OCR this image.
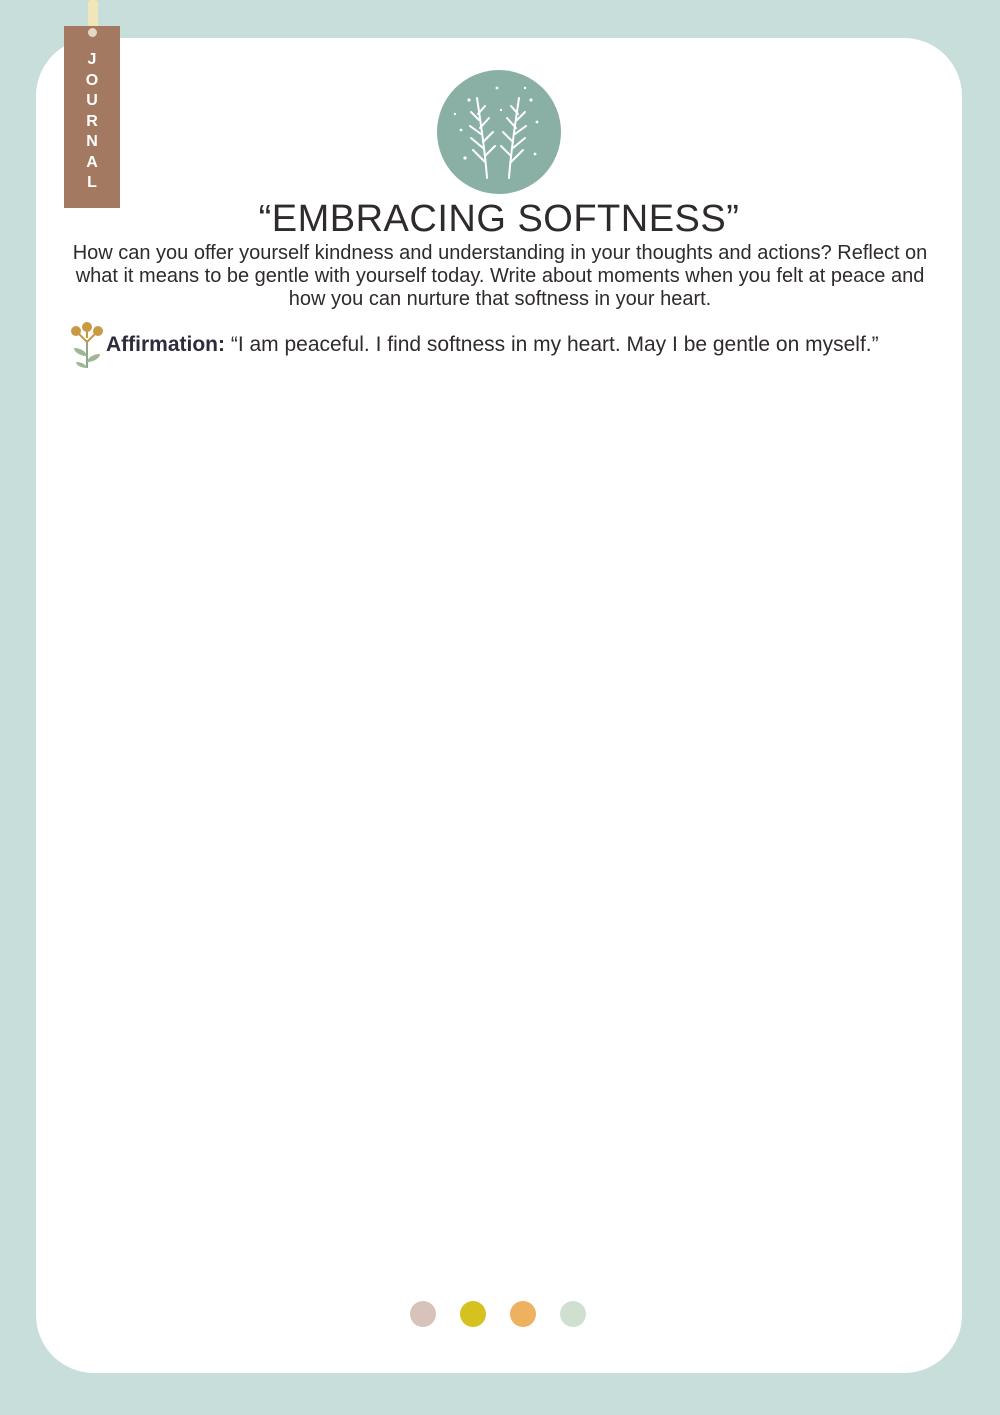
J
O
U
R
N
A
L
“EMBRACING SOFTNESS”
How can you offer yourself kindness and understanding in your thoughts and actions? Reflect on what it means to be gentle with yourself today. Write about moments when you felt at peace and how you can nurture that softness in your heart.
Affirmation: “I am peaceful. I find softness in my heart. May I be gentle on myself.”
